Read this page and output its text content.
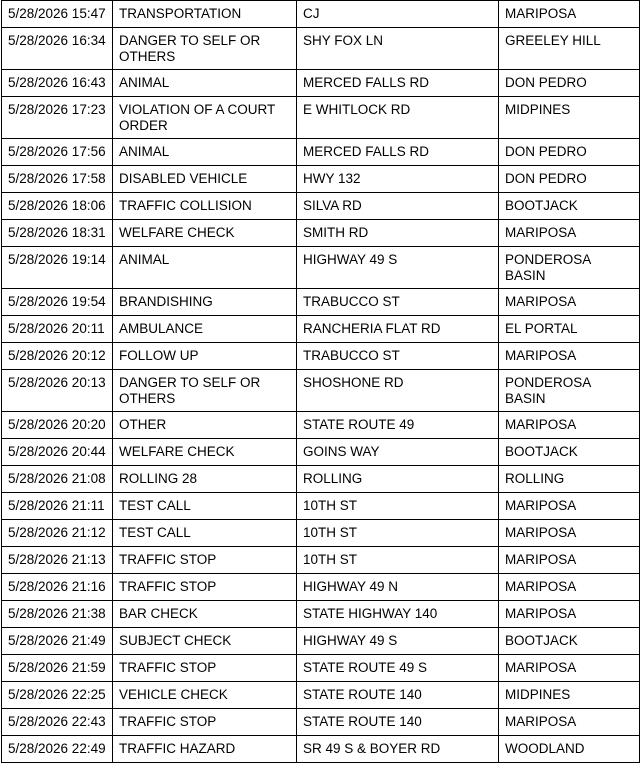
5/28/2026 15:47	TRANSPORTATION	CJ	MARIPOSA
5/28/2026 16:34	DANGER TO SELF OR OTHERS	SHY FOX LN	GREELEY HILL
5/28/2026 16:43	ANIMAL	MERCED FALLS RD	DON PEDRO
5/28/2026 17:23	VIOLATION OF A COURT ORDER	E WHITLOCK RD	MIDPINES
5/28/2026 17:56	ANIMAL	MERCED FALLS RD	DON PEDRO
5/28/2026 17:58	DISABLED VEHICLE	HWY 132	DON PEDRO
5/28/2026 18:06	TRAFFIC COLLISION	SILVA RD	BOOTJACK
5/28/2026 18:31	WELFARE CHECK	SMITH RD	MARIPOSA
5/28/2026 19:14	ANIMAL	HIGHWAY 49 S	PONDEROSA BASIN
5/28/2026 19:54	BRANDISHING	TRABUCCO ST	MARIPOSA
5/28/2026 20:11	AMBULANCE	RANCHERIA FLAT RD	EL PORTAL
5/28/2026 20:12	FOLLOW UP	TRABUCCO ST	MARIPOSA
5/28/2026 20:13	DANGER TO SELF OR OTHERS	SHOSHONE RD	PONDEROSA BASIN
5/28/2026 20:20	OTHER	STATE ROUTE 49	MARIPOSA
5/28/2026 20:44	WELFARE CHECK	GOINS WAY	BOOTJACK
5/28/2026 21:08	ROLLING 28	ROLLING	ROLLING
5/28/2026 21:11	TEST CALL	10TH ST	MARIPOSA
5/28/2026 21:12	TEST CALL	10TH ST	MARIPOSA
5/28/2026 21:13	TRAFFIC STOP	10TH ST	MARIPOSA
5/28/2026 21:16	TRAFFIC STOP	HIGHWAY 49 N	MARIPOSA
5/28/2026 21:38	BAR CHECK	STATE HIGHWAY 140	MARIPOSA
5/28/2026 21:49	SUBJECT CHECK	HIGHWAY 49 S	BOOTJACK
5/28/2026 21:59	TRAFFIC STOP	STATE ROUTE 49 S	MARIPOSA
5/28/2026 22:25	VEHICLE CHECK	STATE ROUTE 140	MIDPINES
5/28/2026 22:43	TRAFFIC STOP	STATE ROUTE 140	MARIPOSA
5/28/2026 22:49	TRAFFIC HAZARD	SR 49 S & BOYER RD	WOODLAND
